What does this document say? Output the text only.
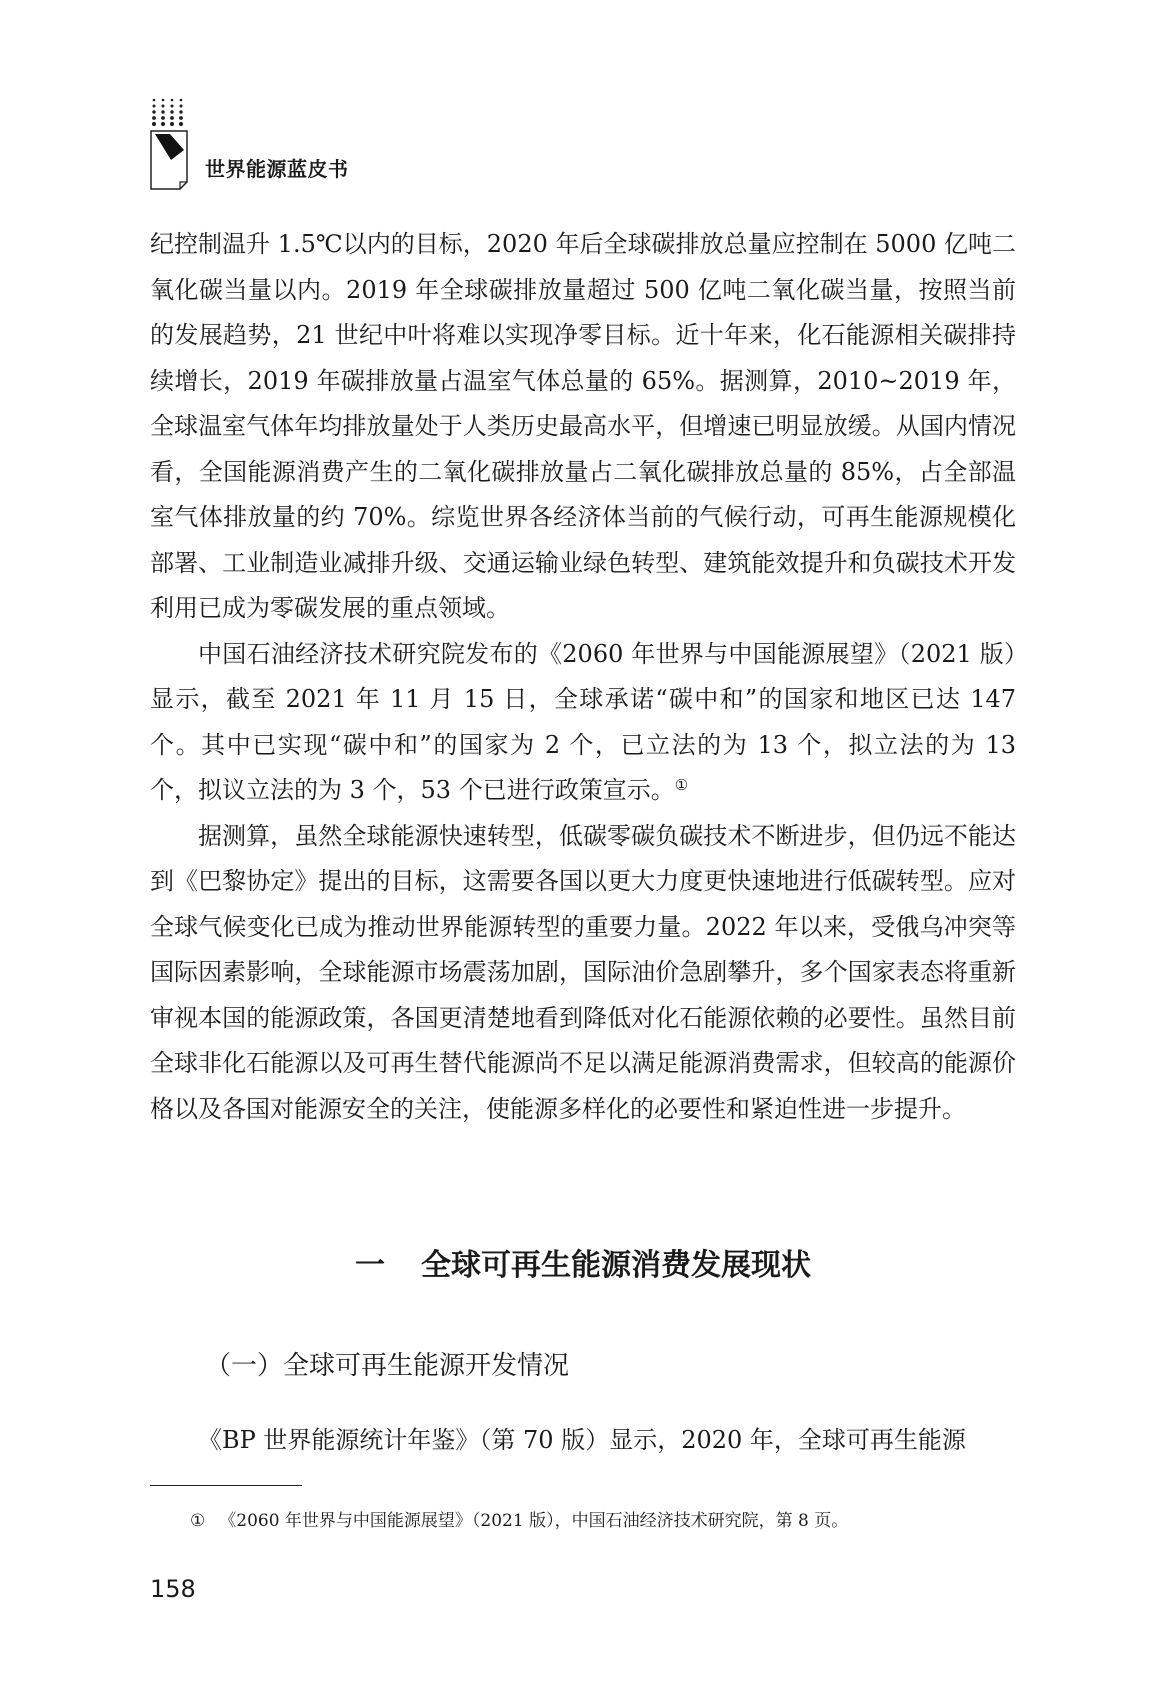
世界能源蓝皮书

纪控制温升 1.5℃以内的目标，2020 年后全球碳排放总量应控制在 5000 亿吨二氧化碳当量以内。2019 年全球碳排放量超过 500 亿吨二氧化碳当量，按照当前的发展趋势，21 世纪中叶将难以实现净零目标。近十年来，化石能源相关碳排持续增长，2019 年碳排放量占温室气体总量的 65%。据测算，2010~2019 年，全球温室气体年均排放量处于人类历史最高水平，但增速已明显放缓。从国内情况看，全国能源消费产生的二氧化碳排放量占二氧化碳排放总量的 85%，占全部温室气体排放量的约 70%。综览世界各经济体当前的气候行动，可再生能源规模化部署、工业制造业减排升级、交通运输业绿色转型、建筑能效提升和负碳技术开发利用已成为零碳发展的重点领域。

中国石油经济技术研究院发布的《2060 年世界与中国能源展望》（2021 版）显示，截至 2021 年 11 月 15 日，全球承诺“碳中和”的国家和地区已达 147 个。其中已实现“碳中和”的国家为 2 个，已立法的为 13 个，拟立法的为 13 个，拟议立法的为 3 个，53 个已进行政策宣示。①

据测算，虽然全球能源快速转型，低碳零碳负碳技术不断进步，但仍远不能达到《巴黎协定》提出的目标，这需要各国以更大力度更快速地进行低碳转型。应对全球气候变化已成为推动世界能源转型的重要力量。2022 年以来，受俄乌冲突等国际因素影响，全球能源市场震荡加剧，国际油价急剧攀升，多个国家表态将重新审视本国的能源政策，各国更清楚地看到降低对化石能源依赖的必要性。虽然目前全球非化石能源以及可再生替代能源尚不足以满足能源消费需求，但较高的能源价格以及各国对能源安全的关注，使能源多样化的必要性和紧迫性进一步提升。

一 全球可再生能源消费发展现状
（一）全球可再生能源开发情况

《BP 世界能源统计年鉴》（第 70 版）显示，2020 年，全球可再生能源

① 《2060 年世界与中国能源展望》（2021 版），中国石油经济技术研究院，第 8 页。
158
